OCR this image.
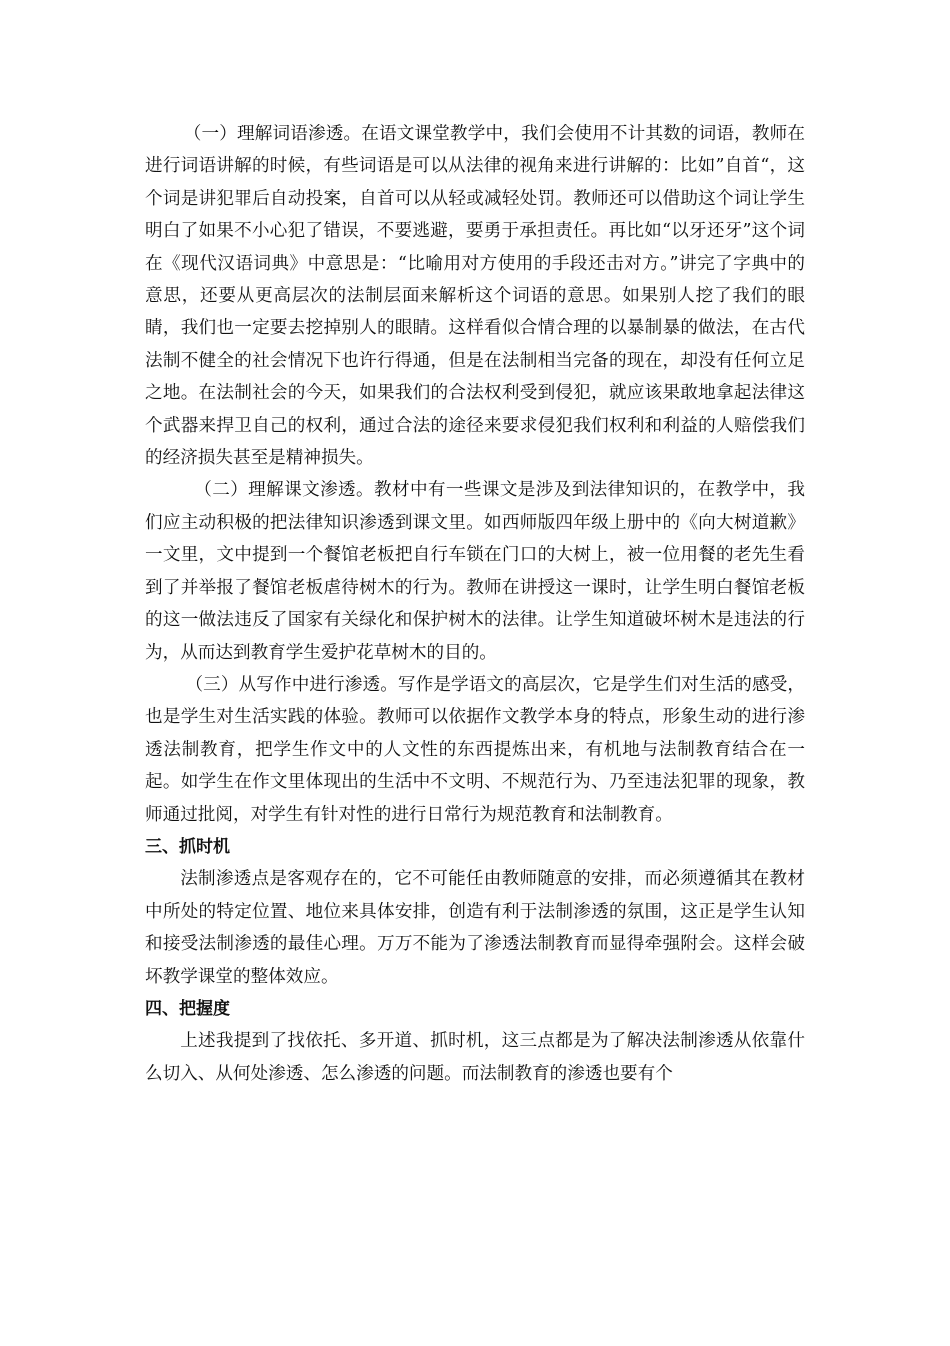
（一）理解词语渗透。在语文课堂教学中，我们会使用不计其数的词语，教师在进行词语讲解的时候，有些词语是可以从法律的视角来进行讲解的：比如”自首“，这个词是讲犯罪后自动投案，自首可以从轻或减轻处罚。教师还可以借助这个词让学生明白了如果不小心犯了错误，不要逃避，要勇于承担责任。再比如“以牙还牙”这个词在《现代汉语词典》中意思是：“比喻用对方使用的手段还击对方。”讲完了字典中的意思，还要从更高层次的法制层面来解析这个词语的意思。如果别人挖了我们的眼睛，我们也一定要去挖掉别人的眼睛。这样看似合情合理的以暴制暴的做法，在古代法制不健全的社会情况下也许行得通，但是在法制相当完备的现在，却没有任何立足之地。在法制社会的今天，如果我们的合法权利受到侵犯，就应该果敢地拿起法律这个武器来捍卫自己的权利，通过合法的途径来要求侵犯我们权利和利益的人赔偿我们的经济损失甚至是精神损失。

（二）理解课文渗透。教材中有一些课文是涉及到法律知识的，在教学中，我们应主动积极的把法律知识渗透到课文里。如西师版四年级上册中的《向大树道歉》一文里，文中提到一个餐馆老板把自行车锁在门口的大树上，被一位用餐的老先生看到了并举报了餐馆老板虐待树木的行为。教师在讲授这一课时，让学生明白餐馆老板的这一做法违反了国家有关绿化和保护树木的法律。让学生知道破坏树木是违法的行为，从而达到教育学生爱护花草树木的目的。

（三）从写作中进行渗透。写作是学语文的高层次，它是学生们对生活的感受，也是学生对生活实践的体验。教师可以依据作文教学本身的特点，形象生动的进行渗透法制教育，把学生作文中的人文性的东西提炼出来，有机地与法制教育结合在一起。如学生在作文里体现出的生活中不文明、不规范行为、乃至违法犯罪的现象，教师通过批阅，对学生有针对性的进行日常行为规范教育和法制教育。

三、抓时机

法制渗透点是客观存在的，它不可能任由教师随意的安排，而必须遵循其在教材中所处的特定位置、地位来具体安排，创造有利于法制渗透的氛围，这正是学生认知和接受法制渗透的最佳心理。万万不能为了渗透法制教育而显得牵强附会。这样会破坏教学课堂的整体效应。

四、把握度

上述我提到了找依托、多开道、抓时机，这三点都是为了解决法制渗透从依靠什么切入、从何处渗透、怎么渗透的问题。而法制教育的渗透也要有个
